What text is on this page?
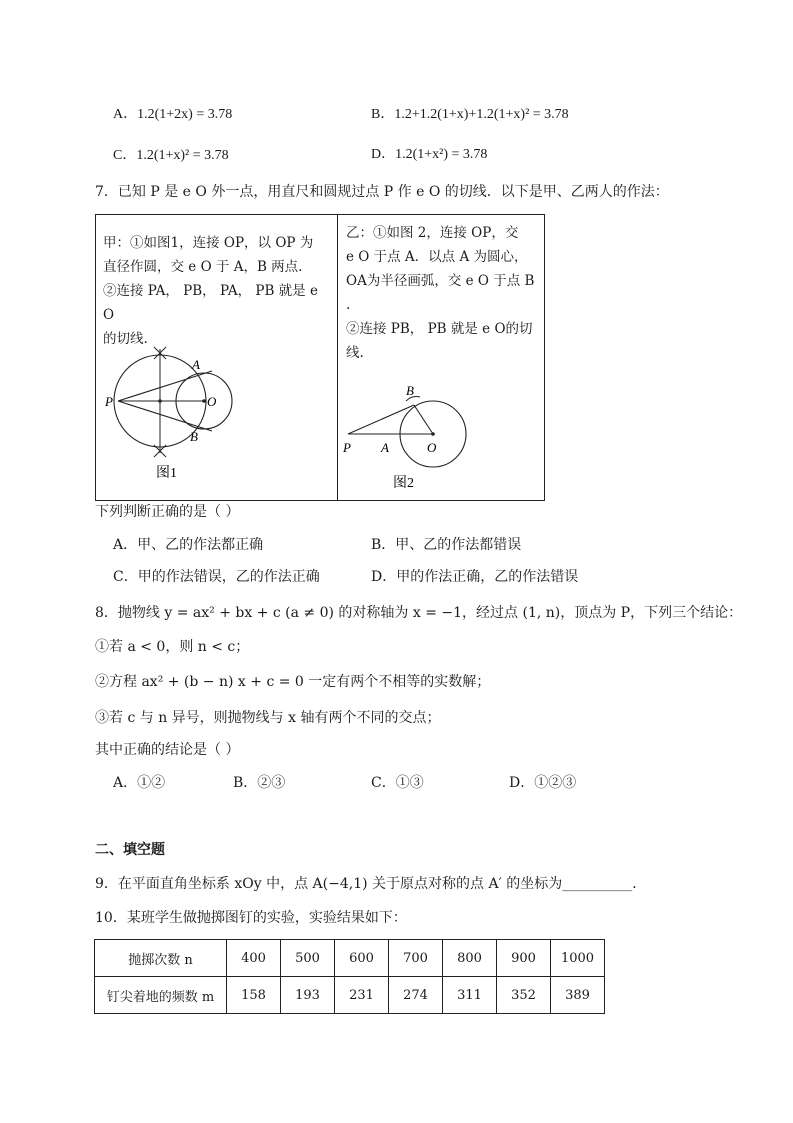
A．1.2(1+2x) = 3.78	B．1.2+1.2(1+x)+1.2(1+x)² = 3.78
C．1.2(1+x)² = 3.78	D．1.2(1+x²) = 3.78
7．已知 P 是 e O 外一点，用直尺和圆规过点 P 作 e O 的切线．以下是甲、乙两人的作法：
甲：①如图1，连接 OP，以 OP 为
直径作圆，交 e O 于 A，B 两点.
②连接 PA， PB， PA， PB 就是 e O
的切线.
P	O
A
B
图1
乙：①如图 2，连接 OP，交
e O 于点 A．以点 A 为圆心，
OA为半径画弧，交 e O 于点 B
.
②连接 PB， PB 就是 e O的切
线.
P A	O
B
图2
下列判断正确的是（ ）
A．甲、乙的作法都正确	B．甲、乙的作法都错误
C．甲的作法错误，乙的作法正确	D．甲的作法正确，乙的作法错误
8．抛物线 y = ax² + bx + c (a ≠ 0) 的对称轴为 x = −1，经过点 (1, n)，顶点为 P，下列三个结论：
①若 a < 0，则 n < c；
②方程 ax² + (b − n) x + c = 0 一定有两个不相等的实数解；
③若 c 与 n 异号，则抛物线与 x 轴有两个不同的交点；
其中正确的结论是（ ）
A．①②	B．②③	C．①③	D．①②③
二、填空题
9．在平面直角坐标系 xOy 中，点 A(−4,1) 关于原点对称的点 A′ 的坐标为__________．
10．某班学生做抛掷图钉的实验，实验结果如下：
抛掷次数 n	400	500	600	700	800	900	1000
钉尖着地的频数 m	158	193	231	274	311	352	389
